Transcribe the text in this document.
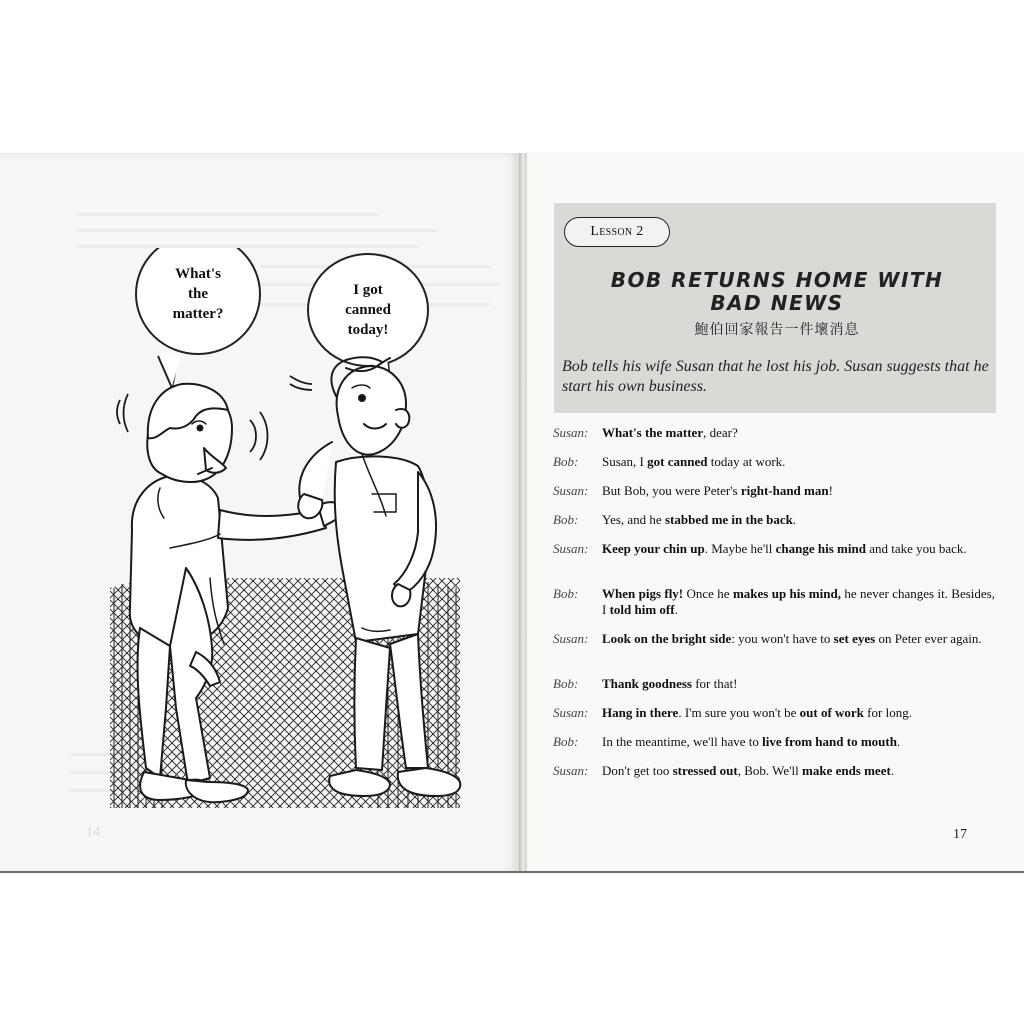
What's
the
matter?
I got
canned
today!
14
Lesson 2
BOB RETURNS HOME WITH
BAD NEWS
鮑伯回家報告一件壞消息
Bob tells his wife Susan that he lost his job. Susan suggests that he start his own business.
Susan:	What's the matter, dear?
Bob:	Susan, I got canned today at work.
Susan:	But Bob, you were Peter's right-hand man!
Bob:	Yes, and he stabbed me in the back.
Susan:	Keep your chin up. Maybe he'll change his mind and take you back.
Bob:	When pigs fly! Once he makes up his mind, he never changes it. Besides, I told him off.
Susan:	Look on the bright side: you won't have to set eyes on Peter ever again.
Bob:	Thank goodness for that!
Susan:	Hang in there. I'm sure you won't be out of work for long.
Bob:	In the meantime, we'll have to live from hand to mouth.
Susan:	Don't get too stressed out, Bob. We'll make ends meet.
17
